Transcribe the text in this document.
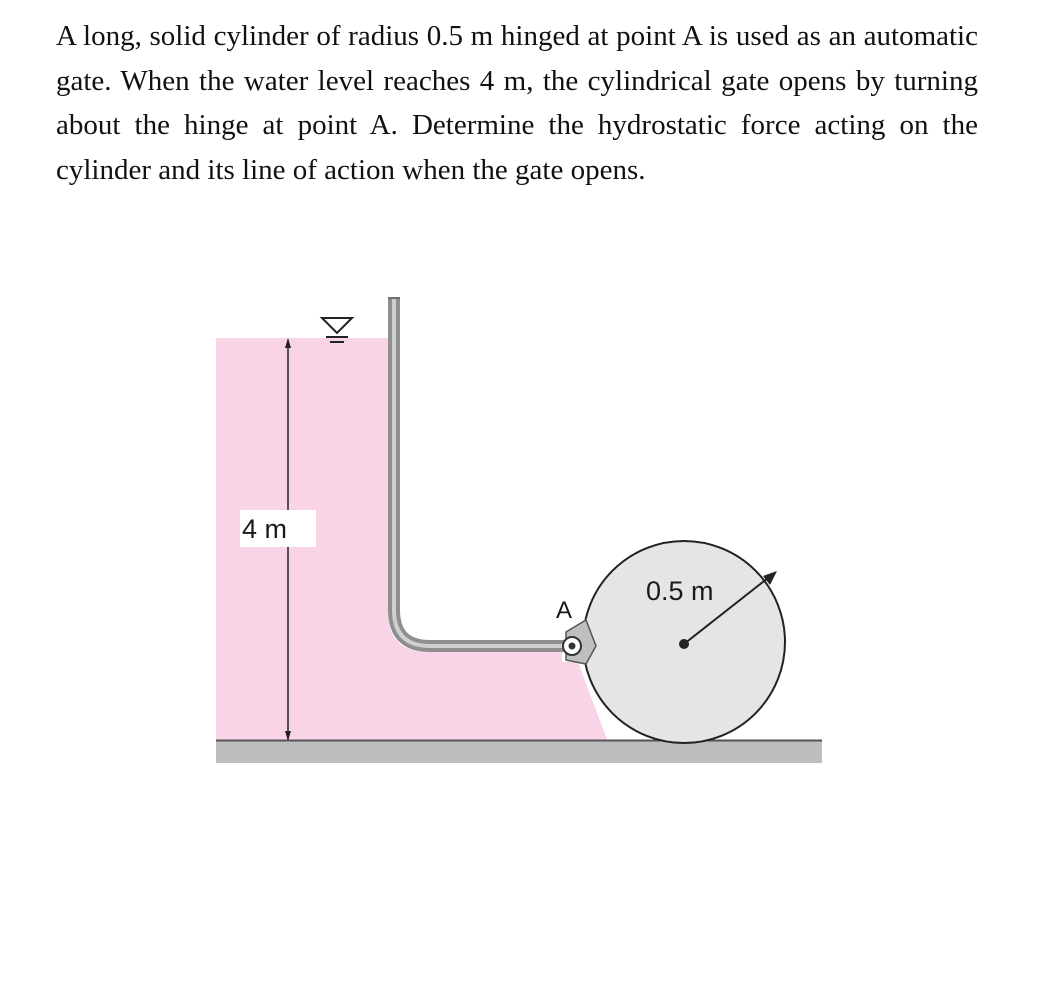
A long, solid cylinder of radius 0.5 m hinged at point A is used as an automatic gate. When the water level reaches 4 m, the cylindrical gate opens by turning about the hinge at point A. Determine the hydrostatic force acting on the cylinder and its line of action when the gate opens.

4 m
0.5 m
A
